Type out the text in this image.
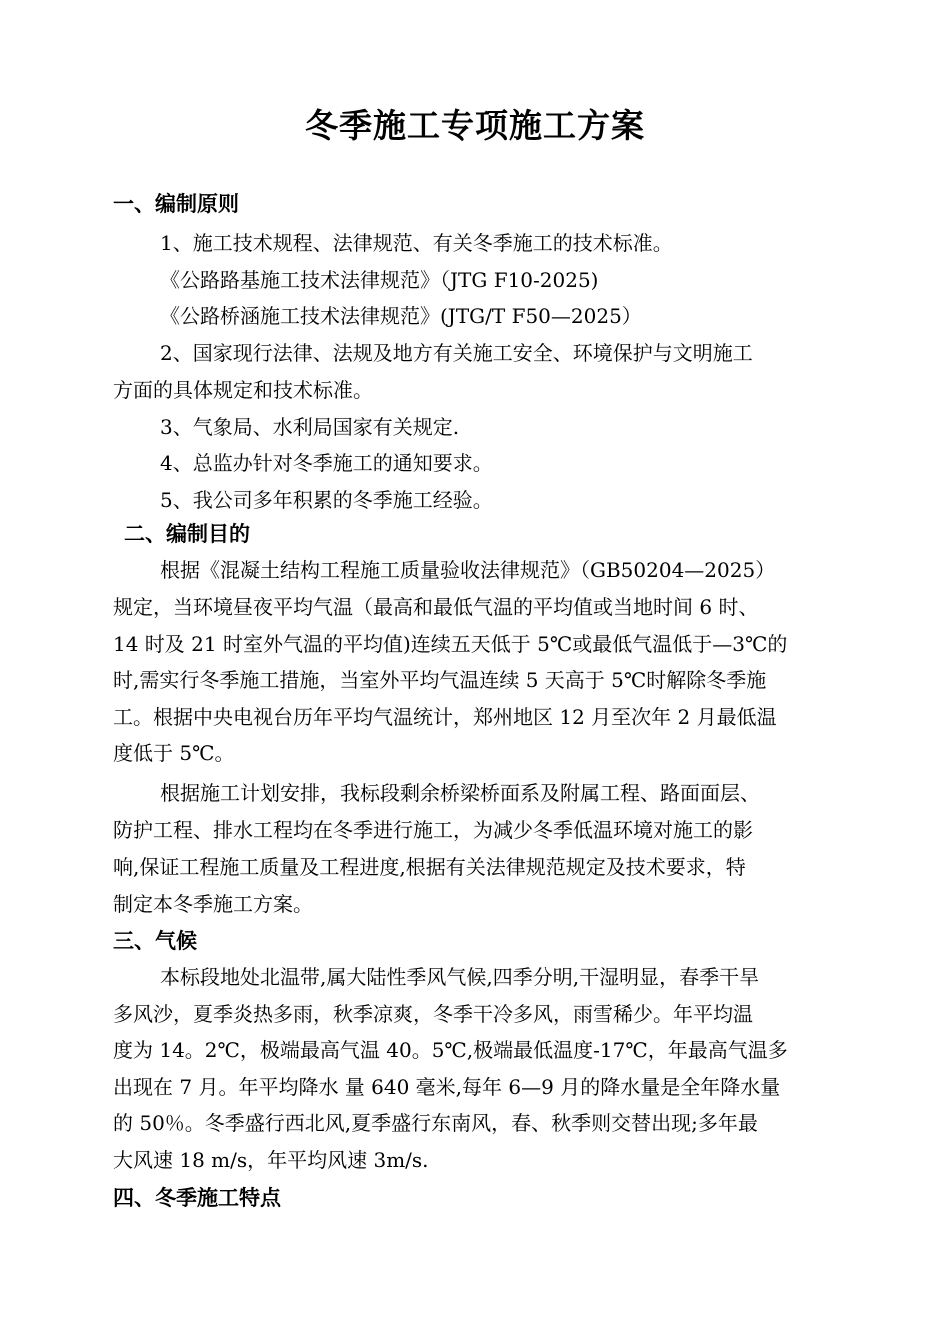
冬季施工专项施工方案
一、编制原则
1、施工技术规程、法律规范、有关冬季施工的技术标准。
《公路路基施工技术法律规范》（JTG F10-2025)
《公路桥涵施工技术法律规范》(JTG/T F50—2025）
2、国家现行法律、法规及地方有关施工安全、环境保护与文明施工
方面的具体规定和技术标准。
3、气象局、水利局国家有关规定.
4、总监办针对冬季施工的通知要求。
5、我公司多年积累的冬季施工经验。
二、编制目的
根据《混凝土结构工程施工质量验收法律规范》（GB50204—2025）
规定，当环境昼夜平均气温（最高和最低气温的平均值或当地时间 6 时、
14 时及 21 时室外气温的平均值)连续五天低于 5℃或最低气温低于—3℃的
时,需实行冬季施工措施，当室外平均气温连续 5 天高于 5℃时解除冬季施
工。根据中央电视台历年平均气温统计，郑州地区 12 月至次年 2 月最低温
度低于 5℃。
根据施工计划安排，我标段剩余桥梁桥面系及附属工程、路面面层、
防护工程、排水工程均在冬季进行施工，为减少冬季低温环境对施工的影
响,保证工程施工质量及工程进度,根据有关法律规范规定及技术要求，特
制定本冬季施工方案。
三、气候
本标段地处北温带,属大陆性季风气候,四季分明,干湿明显，春季干旱
多风沙，夏季炎热多雨，秋季凉爽，冬季干冷多风，雨雪稀少。年平均温
度为 14。2℃，极端最高气温 40。5℃,极端最低温度-17℃，年最高气温多
出现在 7 月。年平均降水 量 640 毫米,每年 6—9 月的降水量是全年降水量
的 50％。冬季盛行西北风,夏季盛行东南风，春、秋季则交替出现;多年最
大风速 18 m/s，年平均风速 3m/s.
四、冬季施工特点
